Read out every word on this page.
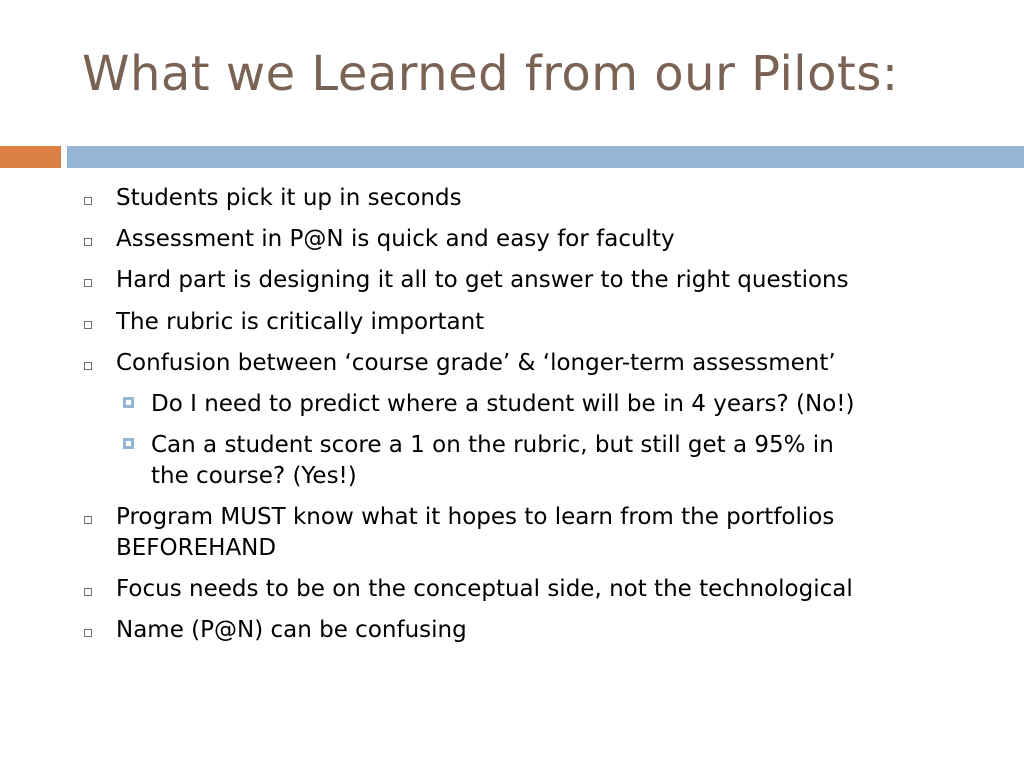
What we Learned from our Pilots:
Students pick it up in seconds
Assessment in P@N is quick and easy for faculty
Hard part is designing it all to get answer to the right questions
The rubric is critically important
Confusion between ‘course grade’ & ‘longer-term assessment’
Do I need to predict where a student will be in 4 years? (No!)
Can a student score a 1 on the rubric, but still get a 95% in
the course? (Yes!)
Program MUST know what it hopes to learn from the portfolios
BEFOREHAND
Focus needs to be on the conceptual side, not the technological
Name (P@N) can be confusing
